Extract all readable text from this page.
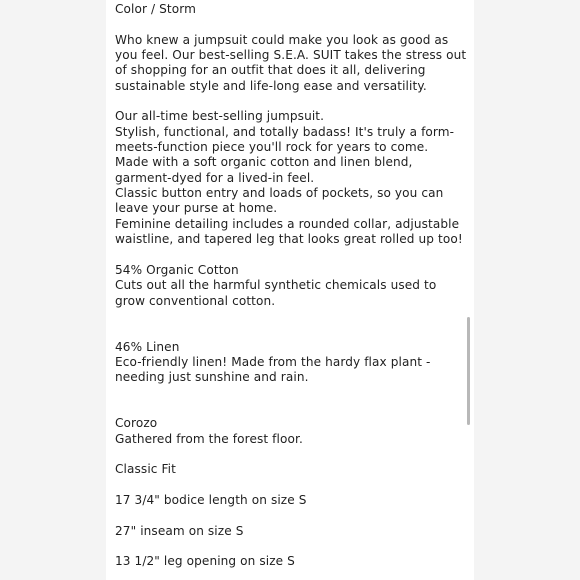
Color / Storm
Who knew a jumpsuit could make you look as good as you feel. Our best-selling S.E.A. SUIT takes the stress out of shopping for an outfit that does it all, delivering sustainable style and life-long ease and versatility.

Our all-time best-selling jumpsuit.

Stylish, functional, and totally badass! It's truly a form-meets-function piece you'll rock for years to come.

Made with a soft organic cotton and linen blend, garment-dyed for a lived-in feel.

Classic button entry and loads of pockets, so you can leave your purse at home.

Feminine detailing includes a rounded collar, adjustable waistline, and tapered leg that looks great rolled up too!

54% Organic Cotton

Cuts out all the harmful synthetic chemicals used to grow conventional cotton.

46% Linen

Eco-friendly linen! Made from the hardy flax plant - needing just sunshine and rain.

Corozo

Gathered from the forest floor.

Classic Fit
17 3/4" bodice length on size S
27" inseam on size S
13 1/2" leg opening on size S
